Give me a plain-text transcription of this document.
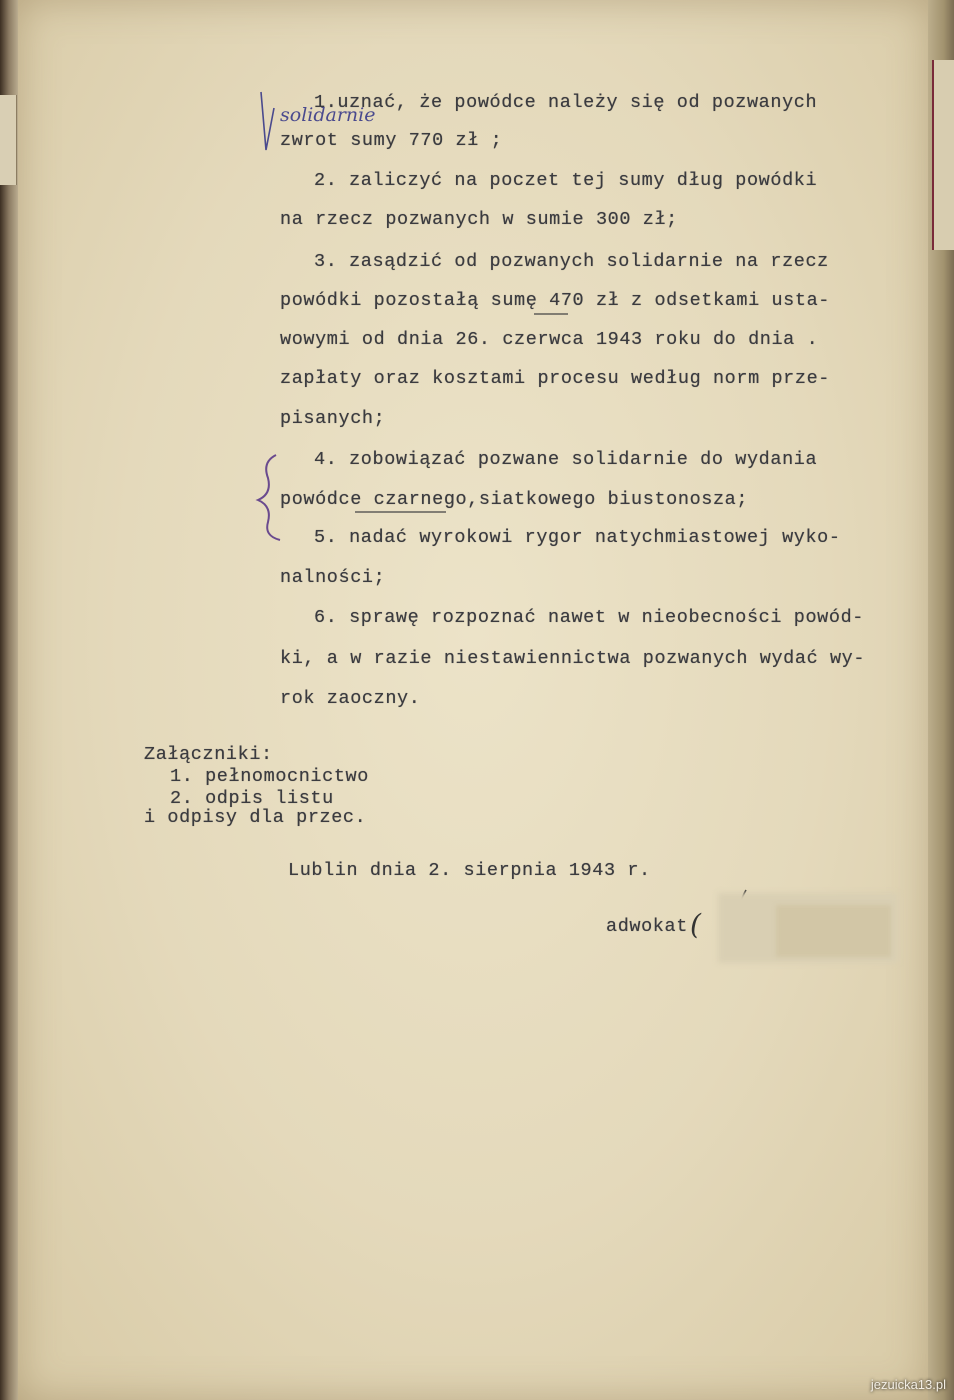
solidarnie
1.uznać, że powódce należy się od pozwanych
zwrot sumy 770 zł ;
2. zaliczyć na poczet tej sumy dług powódki
na rzecz pozwanych w sumie 300 zł;
3. zasądzić od pozwanych solidarnie na rzecz
powódki pozostałą sumę 470 zł z odsetkami usta-
wowymi od dnia 26. czerwca 1943 roku do dnia .
zapłaty oraz kosztami procesu według norm prze-
pisanych;
4. zobowiązać pozwane solidarnie do wydania
powódce czarnego,siatkowego biustonosza;
5. nadać wyrokowi rygor natychmiastowej wyko-
nalności;
6. sprawę rozpoznać nawet w nieobecności powód-
ki, a w razie niestawiennictwa pozwanych wydać wy-
rok zaoczny.
Załączniki:
1. pełnomocnictwo
2. odpis listu
i odpisy dla przec.
Lublin dnia 2. sierpnia 1943 r.
adwokat (
jezuicka13.pl
